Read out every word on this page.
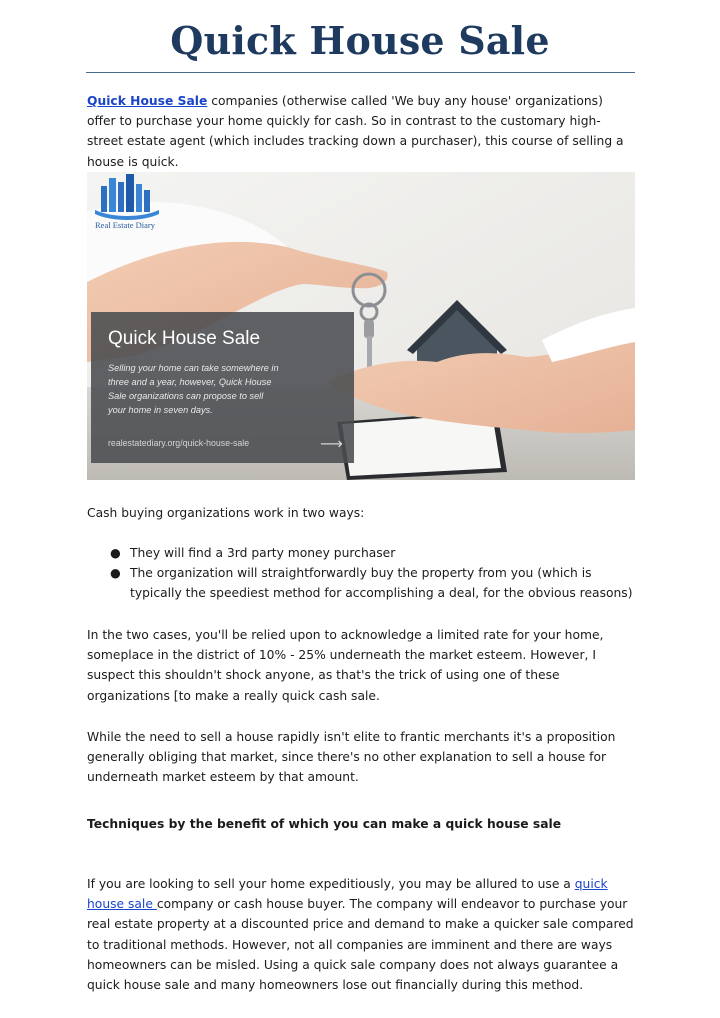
Quick House Sale

Quick House Sale companies (otherwise called 'We buy any house' organizations) offer to purchase your home quickly for cash. So in contrast to the customary high-street estate agent (which includes tracking down a purchaser), this course of selling a house is quick.

Real Estate Diary
Quick House Sale
Selling your home can take somewhere in
three and a year, however, Quick House
Sale organizations can propose to sell
your home in seven days.
realestatediary.org/quick-house-sale	⟶

Cash buying organizations work in two ways:

● They will find a 3rd party money purchaser
● The organization will straightforwardly buy the property from you (which is typically the speediest method for accomplishing a deal, for the obvious reasons)

In the two cases, you'll be relied upon to acknowledge a limited rate for your home, someplace in the district of 10% - 25% underneath the market esteem. However, I suspect this shouldn't shock anyone, as that's the trick of using one of these organizations [to make a really quick cash sale.

While the need to sell a house rapidly isn't elite to frantic merchants it's a proposition generally obliging that market, since there's no other explanation to sell a house for underneath market esteem by that amount.

Techniques by the benefit of which you can make a quick house sale

If you are looking to sell your home expeditiously, you may be allured to use a quick house sale company or cash house buyer. The company will endeavor to purchase your real estate property at a discounted price and demand to make a quicker sale compared to traditional methods. However, not all companies are imminent and there are ways homeowners can be misled. Using a quick sale company does not always guarantee a quick house sale and many homeowners lose out financially during this method.
